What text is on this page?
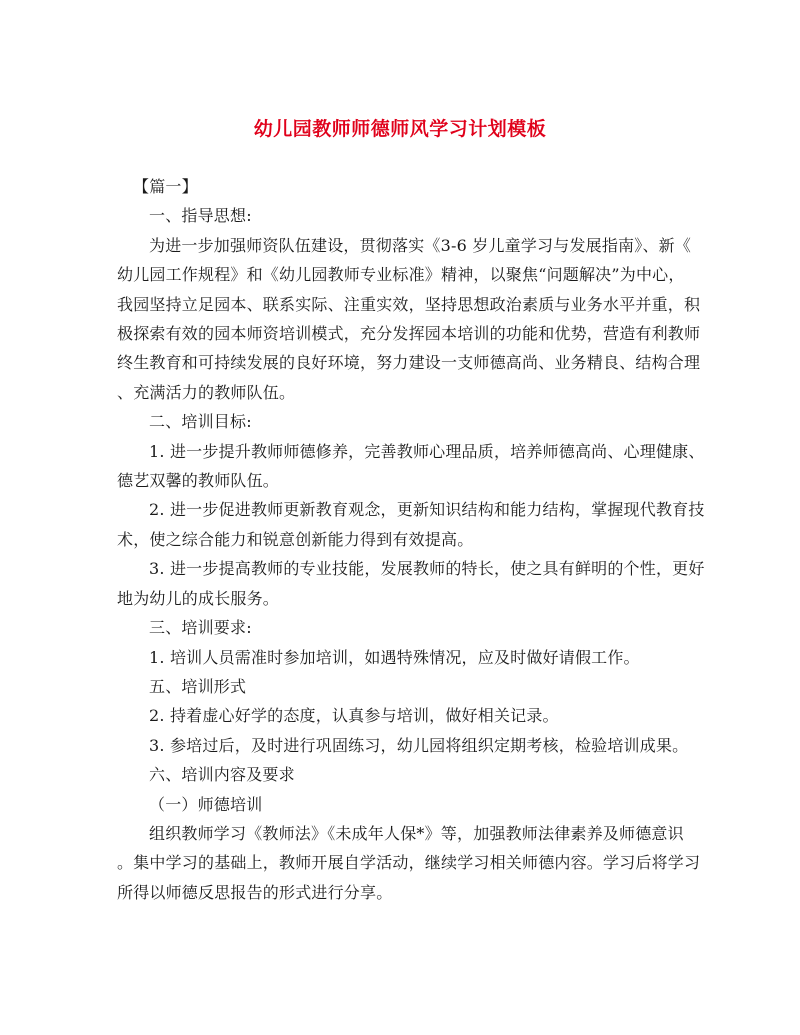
幼儿园教师师德师风学习计划模板
【篇一】
一、指导思想:
为进一步加强师资队伍建设，贯彻落实《3-6 岁儿童学习与发展指南》、新《
幼儿园工作规程》和《幼儿园教师专业标准》精神，以聚焦“问题解决”为中心，
我园坚持立足园本、联系实际、注重实效，坚持思想政治素质与业务水平并重，积
极探索有效的园本师资培训模式，充分发挥园本培训的功能和优势，营造有利教师
终生教育和可持续发展的良好环境，努力建设一支师德高尚、业务精良、结构合理
、充满活力的教师队伍。
二、培训目标:
1. 进一步提升教师师德修养，完善教师心理品质，培养师德高尚、心理健康、
德艺双馨的教师队伍。
2. 进一步促进教师更新教育观念，更新知识结构和能力结构，掌握现代教育技
术，使之综合能力和锐意创新能力得到有效提高。
3. 进一步提高教师的专业技能，发展教师的特长，使之具有鲜明的个性，更好
地为幼儿的成长服务。
三、培训要求:
1. 培训人员需准时参加培训，如遇特殊情况，应及时做好请假工作。
五、培训形式
2. 持着虚心好学的态度，认真参与培训，做好相关记录。
3. 参培过后，及时进行巩固练习，幼儿园将组织定期考核，检验培训成果。
六、培训内容及要求
（一）师德培训
组织教师学习《教师法》《未成年人保*》等，加强教师法律素养及师德意识
。集中学习的基础上，教师开展自学活动，继续学习相关师德内容。学习后将学习
所得以师德反思报告的形式进行分享。
